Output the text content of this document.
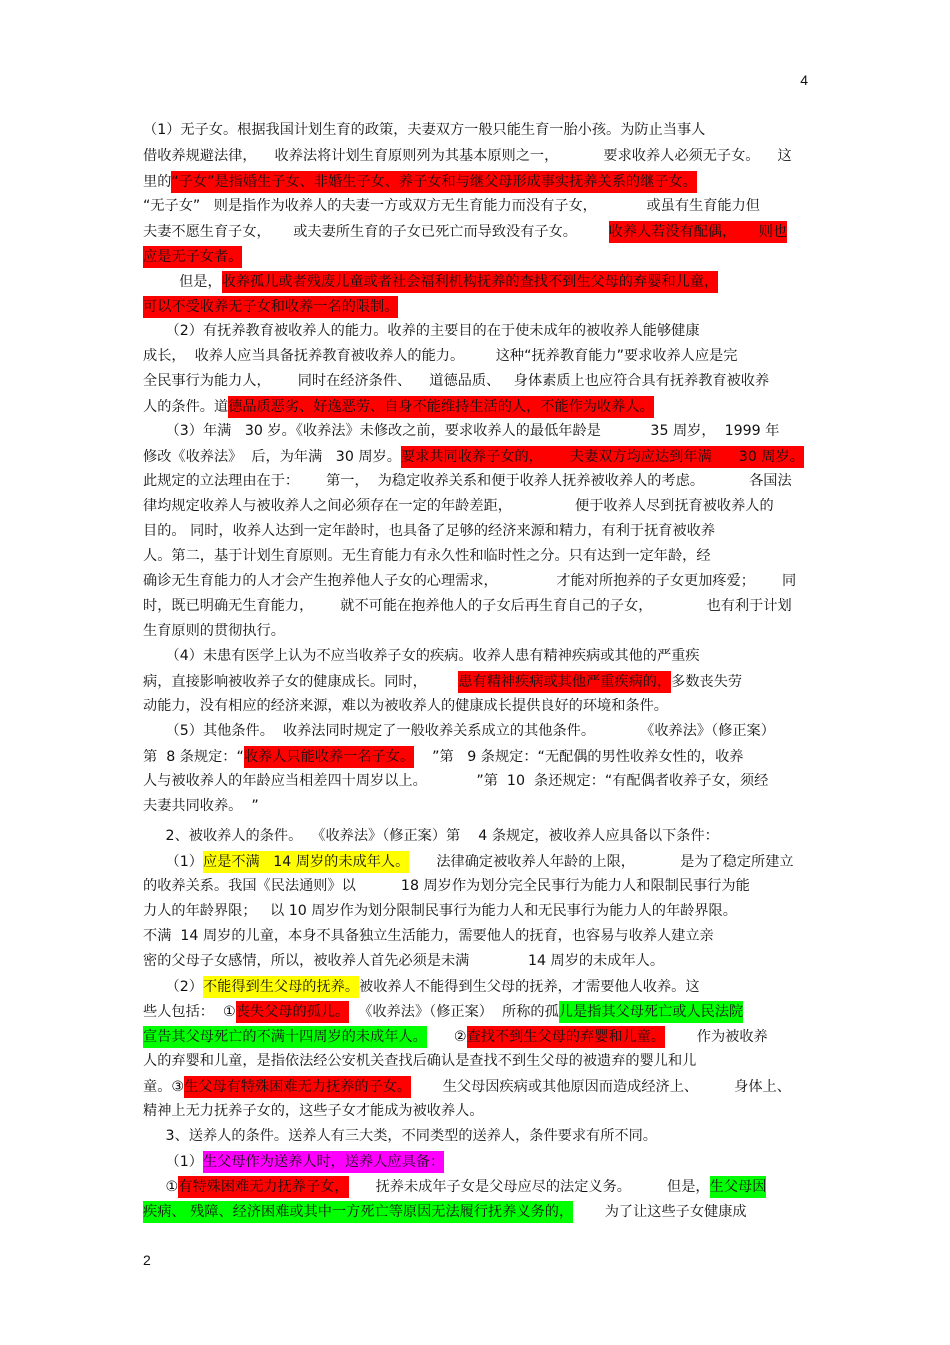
4
（1）无子女。根据我国计划生育的政策，夫妻双方一般只能生育一胎小孩。为防止当事人
借收养规避法律，    收养法将计划生育原则列为其基本原则之一，          要求收养人必须无子女。    这
里的“子女”是指婚生子女、非婚生子女、养子女和与继父母形成事实抚养关系的继子女。
“无子女”   则是指作为收养人的夫妻一方或双方无生育能力而没有子女，           或虽有生育能力但
夫妻不愿生育子女，     或夫妻所生育的子女已死亡而导致没有子女。       收养人若没有配偶，     则也
应是无子女者。
但是，收养孤儿或者残废儿童或者社会福利机构抚养的查找不到生父母的弃婴和儿童，
可以不受收养无子女和收养一名的限制。
（2）有抚养教育被收养人的能力。收养的主要目的在于使未成年的被收养人能够健康
成长，  收养人应当具备抚养教育被收养人的能力。       这种“抚养教育能力”要求收养人应是完
全民事行为能力人，      同时在经济条件、    道德品质、   身体素质上也应符合具有抚养教育被收养
人的条件。道德品质恶劣、好逸恶劳、自身不能维持生活的人，不能作为收养人。
（3）年满   30 岁。《收养法》未修改之前，要求收养人的最低年龄是           35 周岁，  1999 年
修改《收养法》  后，为年满   30 周岁。要求共同收养子女的，      夫妻双方均应达到年满      30 周岁。
此规定的立法理由在于：      第一，  为稳定收养关系和便于收养人抚养被收养人的考虑。          各国法
律均规定收养人与被收养人之间必须存在一定的年龄差距，              便于收养人尽到抚育被收养人的
目的。 同时，收养人达到一定年龄时，也具备了足够的经济来源和精力，有利于抚育被收养
人。第二，基于计划生育原则。无生育能力有永久性和临时性之分。只有达到一定年龄，经
确诊无生育能力的人才会产生抱养他人子女的心理需求，             才能对所抱养的子女更加疼爱；      同
时，既已明确无生育能力，      就不可能在抱养他人的子女后再生育自己的子女，            也有利于计划
生育原则的贯彻执行。
（4）未患有医学上认为不应当收养子女的疾病。收养人患有精神疾病或其他的严重疾
病，直接影响被收养子女的健康成长。同时，       患有精神疾病或其他严重疾病的，多数丧失劳
动能力，没有相应的经济来源，难以为被收养人的健康成长提供良好的环境和条件。
（5）其他条件。  收养法同时规定了一般收养关系成立的其他条件。          《收养法》（修正案）
第  8 条规定：“收养人只能收养一名子女。    ”第   9 条规定：“无配偶的男性收养女性的，收养
人与被收养人的年龄应当相差四十周岁以上。           ”第  10  条还规定：“有配偶者收养子女，须经
夫妻共同收养。  ”
2、被收养人的条件。  《收养法》（修正案）第    4 条规定，被收养人应具备以下条件：
（1）应是不满   14 周岁的未成年人。      法律确定被收养人年龄的上限，          是为了稳定所建立
的收养关系。我国《民法通则》以          18 周岁作为划分完全民事行为能力人和限制民事行为能
力人的年龄界限；   以 10 周岁作为划分限制民事行为能力人和无民事行为能力人的年龄界限。
不满  14 周岁的儿童，本身不具备独立生活能力，需要他人的抚育，也容易与收养人建立亲
密的父母子女感情，所以，被收养人首先必须是未满             14 周岁的未成年人。
（2）不能得到生父母的抚养。被收养人不能得到生父母的抚养，才需要他人收养。这
些人包括：  ①丧失父母的孤儿。  《收养法》（修正案）  所称的孤儿是指其父母死亡或人民法院
宣告其父母死亡的不满十四周岁的未成年人。      ②查找不到生父母的弃婴和儿童。       作为被收养
人的弃婴和儿童，是指依法经公安机关查找后确认是查找不到生父母的被遗弃的婴儿和儿
童。③生父母有特殊困难无力抚养的子女。       生父母因疾病或其他原因而造成经济上、        身体上、
精神上无力抚养子女的，这些子女才能成为被收养人。
3、送养人的条件。送养人有三大类，不同类型的送养人，条件要求有所不同。
（1）生父母作为送养人时，送养人应具备：
①有特殊困难无力抚养子女，      抚养未成年子女是父母应尽的法定义务。        但是，生父母因
疾病、 残障、经济困难或其中一方死亡等原因无法履行抚养义务的，       为了让这些子女健康成
2
